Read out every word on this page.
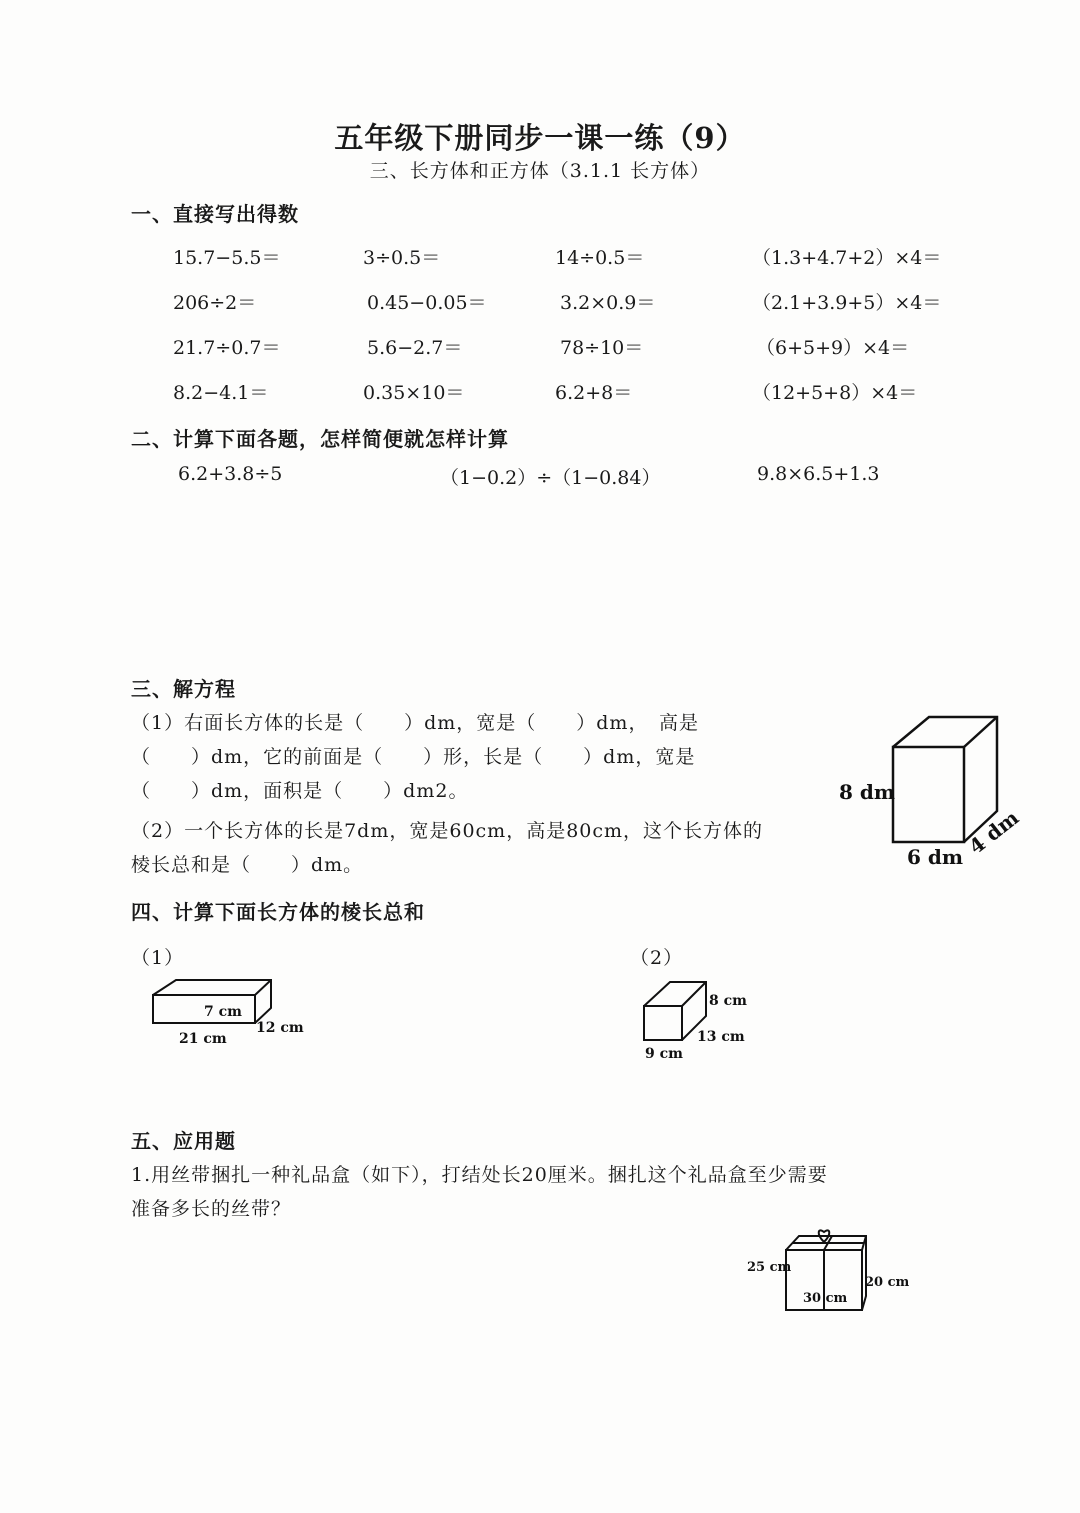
五年级下册同步一课一练（9）
三、长方体和正方体（3.1.1 长方体）
一、直接写出得数
15.7−5.5＝	3÷0.5＝	14÷0.5＝	（1.3+4.7+2）×4＝
206÷2＝	0.45−0.05＝	3.2×0.9＝	（2.1+3.9+5）×4＝
21.7÷0.7＝	5.6−2.7＝	78÷10＝	（6+5+9）×4＝
8.2−4.1＝	0.35×10＝	6.2+8＝	（12+5+8）×4＝
二、计算下面各题，怎样简便就怎样计算
6.2+3.8÷5	（1−0.2）÷（1−0.84）	9.8×6.5+1.3
三、解方程
（1）右面长方体的长是（　　）dm，宽是（　　）dm，　高是
（　　）dm，它的前面是（　　）形，长是（　　）dm，宽是
（　　）dm，面积是（　　）dm2。
（2）一个长方体的长是7dm，宽是60cm，高是80cm，这个长方体的
棱长总和是（　　）dm。
8 dm
6 dm 4 dm
四、计算下面长方体的棱长总和
（1）	（2）
7 cm
21 cm
12 cm
8 cm
9 cm
13 cm
五、应用题
1.用丝带捆扎一种礼品盒（如下），打结处长20厘米。捆扎这个礼品盒至少需要
准备多长的丝带？
25 cm
30 cm
20 cm
